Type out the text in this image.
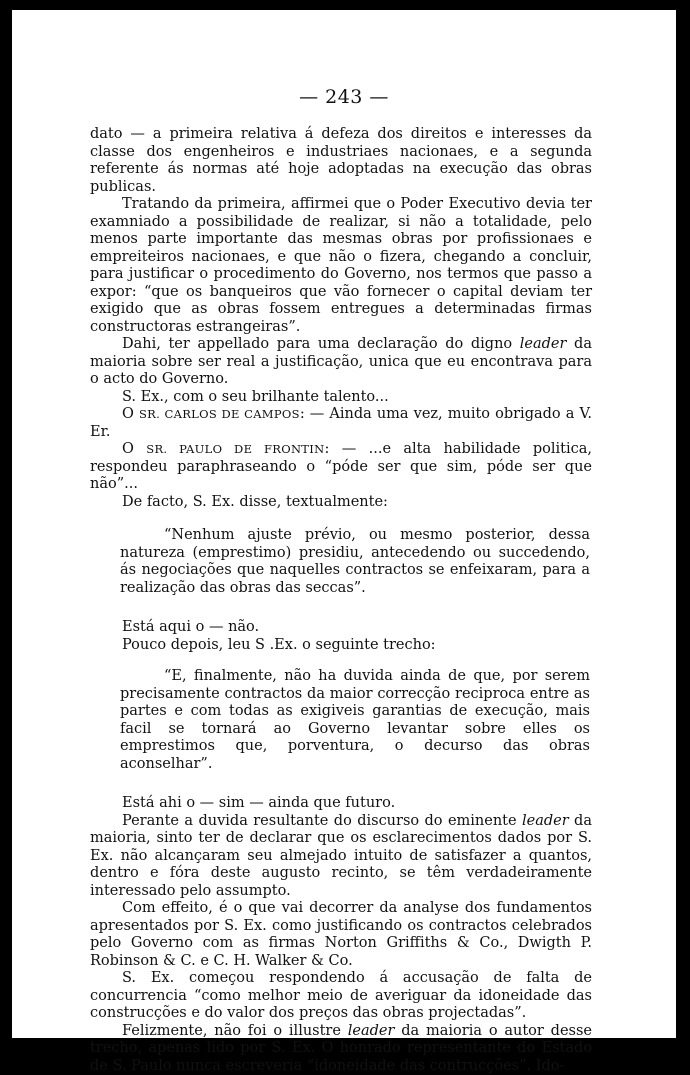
— 243 —

dato — a primeira relativa á defeza dos direitos e interesses da classe dos engenheiros e industriaes nacionaes, e a segunda referente ás normas até hoje adoptadas na execução das obras publicas.

Tratando da primeira, affirmei que o Poder Executivo devia ter examniado a possibilidade de realizar, si não a totalidade, pelo menos parte importante das mesmas obras por profissionaes e empreiteiros nacionaes, e que não o fizera, chegando a concluir, para justificar o procedimento do Governo, nos termos que passo a expor: “que os banqueiros que vão fornecer o capital deviam ter exigido que as obras fossem entregues a determinadas firmas constructoras estrangeiras”.

Dahi, ter appellado para uma declaração do digno leader da maioria sobre ser real a justificação, unica que eu encontrava para o acto do Governo.

S. Ex., com o seu brilhante talento...

O SR. CARLOS DE CAMPOS: — Ainda uma vez, muito obrigado a V. Er.

O SR. PAULO DE FRONTIN: — ...e alta habilidade politica, respondeu paraphraseando o “póde ser que sim, póde ser que não”...

De facto, S. Ex. disse, textualmente:

“Nenhum ajuste prévio, ou mesmo posterior, dessa natureza (emprestimo) presidiu, antecedendo ou succedendo, ás negociações que naquelles contractos se enfeixaram, para a realização das obras das seccas”.

Está aqui o — não.

Pouco depois, leu S .Ex. o seguinte trecho:

“E, finalmente, não ha duvida ainda de que, por serem precisamente contractos da maior correcção reciproca entre as partes e com todas as exigiveis garantias de execução, mais facil se tornará ao Governo levantar sobre elles os emprestimos que, porventura, o decurso das obras aconselhar”.

Está ahi o — sim — ainda que futuro.

Perante a duvida resultante do discurso do eminente leader da maioria, sinto ter de declarar que os esclarecimentos dados por S. Ex. não alcançaram seu almejado intuito de satisfazer a quantos, dentro e fóra deste augusto recinto, se têm verdadeiramente interessado pelo assumpto.

Com effeito, é o que vai decorrer da analyse dos fundamentos apresentados por S. Ex. como justificando os contractos celebrados pelo Governo com as firmas Norton Griffiths & Co., Dwigth P. Robinson & C. e C. H. Walker & Co.

S. Ex. começou respondendo á accusação de falta de concurrencia “como melhor meio de averiguar da idoneidade das construcções e do valor dos preços das obras projectadas”.

Felizmente, não foi o illustre leader da maioria o autor desse trecho, apenas lido por S. Ex. O honrado representante do Estado de S. Paulo nunca escreveria “idoneidade das contrucções”. Ido-
